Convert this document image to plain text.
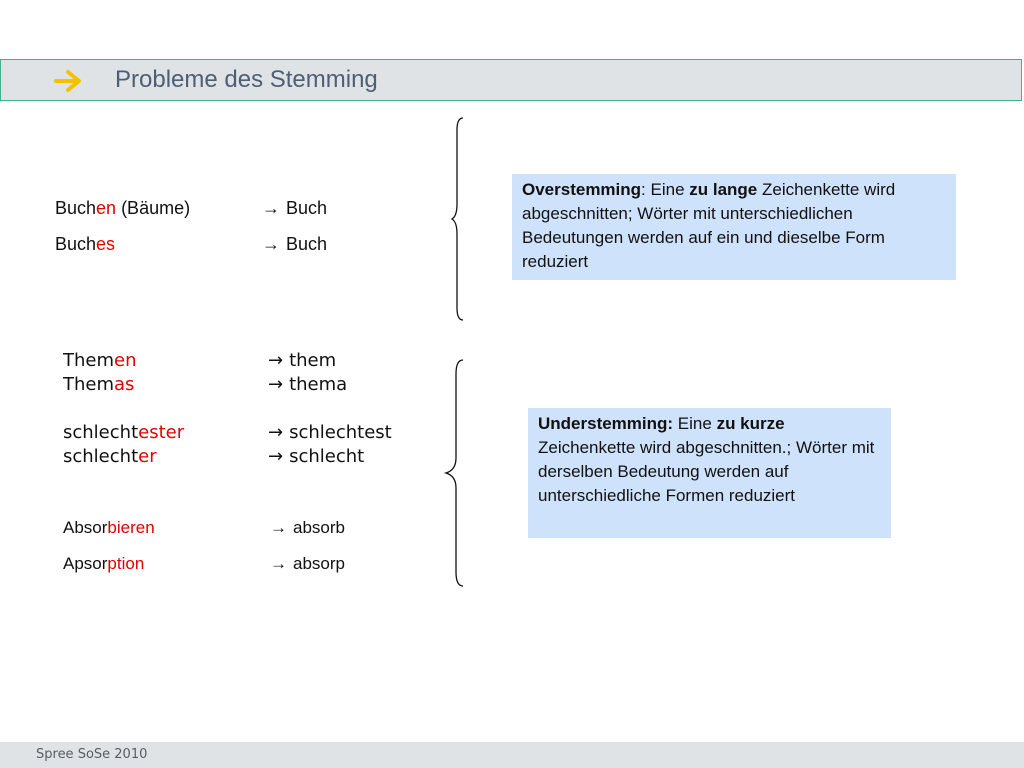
Probleme des Stemming
Buchen (Bäume)	→ Buch
Buches	→ Buch
Overstemming: Eine zu lange Zeichenkette wird abgeschnitten; Wörter mit unterschiedlichen Bedeutungen werden auf ein und dieselbe Form reduziert
Themen	→ them
Themas	→ thema
schlechtester	→ schlechtest
schlechter	→ schlecht
Absorbieren	→ absorb
Apsorption	→ absorp
Understemming: Eine zu kurze Zeichenkette wird abgeschnitten.; Wörter mit derselben Bedeutung werden auf unterschiedliche Formen reduziert
Spree SoSe 2010
